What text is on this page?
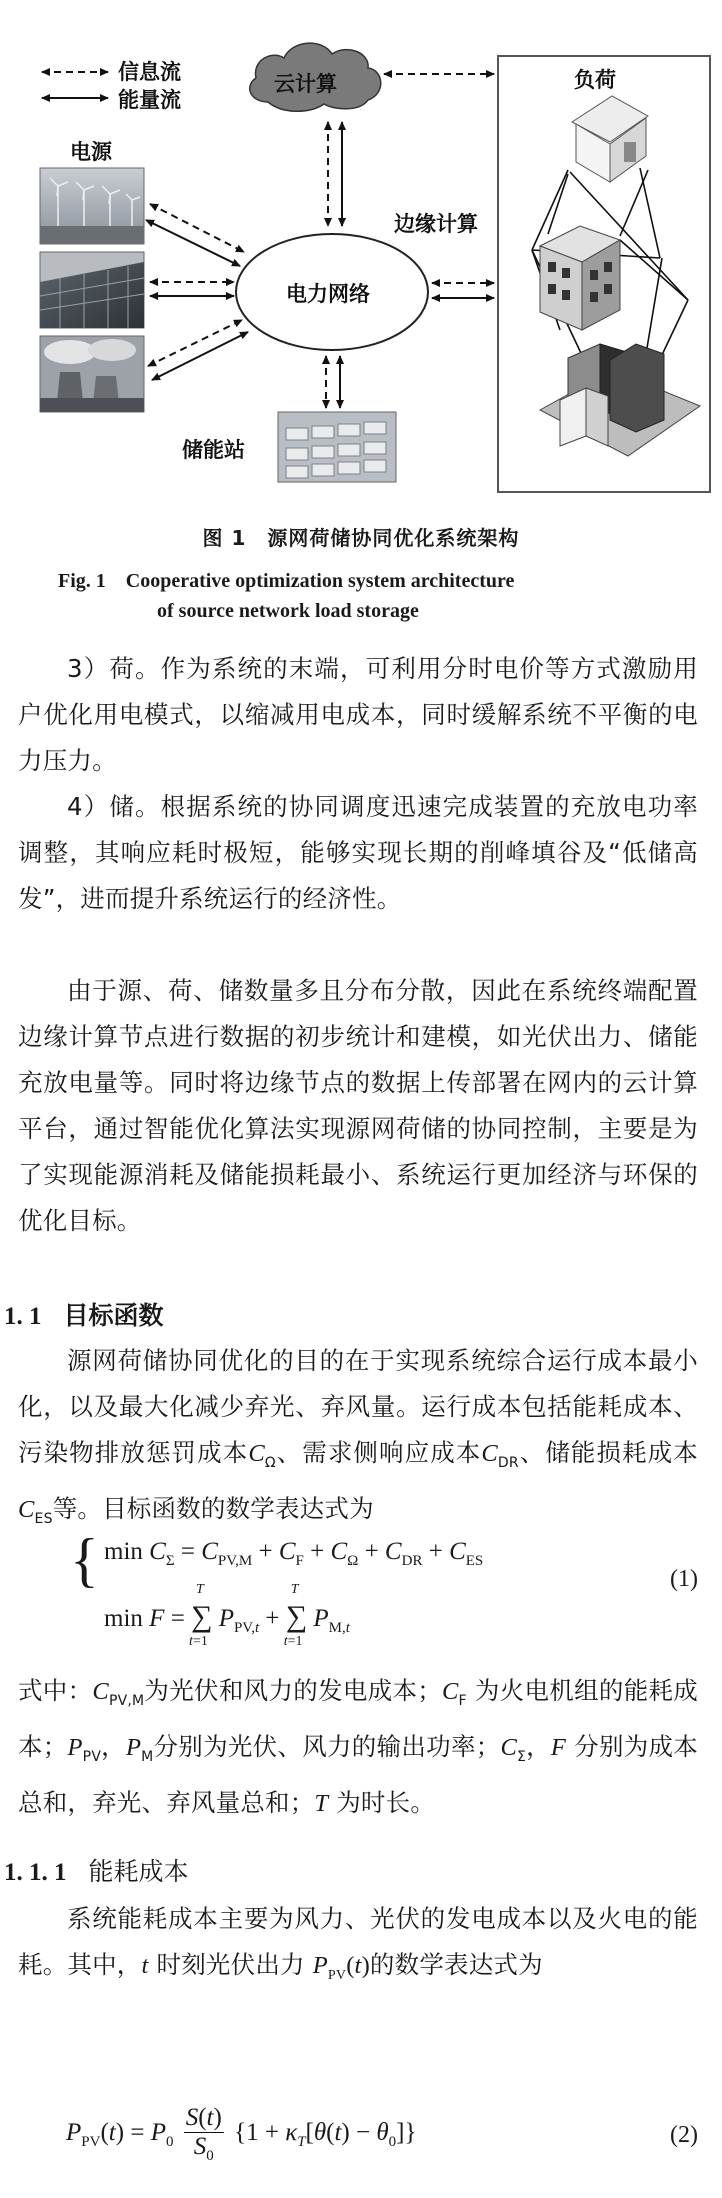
信息流
能量流
云计算
电源
电力网络
储能站
负荷
边缘计算
图 1　源网荷储协同优化系统架构
Fig. 1　Cooperative optimization system architecture
of source network load storage
3）荷。作为系统的末端，可利用分时电价等方式激励用户优化用电模式，以缩减用电成本，同时缓解系统不平衡的电力压力。
4）储。根据系统的协同调度迅速完成装置的充放电功率调整，其响应耗时极短，能够实现长期的削峰填谷及“低储高发”，进而提升系统运行的经济性。
由于源、荷、储数量多且分布分散，因此在系统终端配置边缘计算节点进行数据的初步统计和建模，如光伏出力、储能充放电量等。同时将边缘节点的数据上传部署在网内的云计算平台，通过智能优化算法实现源网荷储的协同控制，主要是为了实现能源消耗及储能损耗最小、系统运行更加经济与环保的优化目标。
1. 1 目标函数
源网荷储协同优化的目的在于实现系统综合运行成本最小化，以及最大化减少弃光、弃风量。运行成本包括能耗成本、污染物排放惩罚成本$C_\Omega$、需求侧响应成本$C_{DR}$、储能损耗成本$C_{ES}$等。目标函数的数学表达式为
{ $\min C_\Sigma = C_{PV,M} + C_F + C_\Omega + C_{DR} + C_{ES}$
min F = ∑
T
t=1
$P_{PV,t}$ + ∑
T
t=1
$P_{M,t}$
(1)
式中：$C_{PV,M}$为光伏和风力的发电成本；$C_F$ 为火电机组的能耗成本；$P_{PV}$，$P_M$分别为光伏、风力的输出功率；$C_\Sigma$，F 分别为成本总和，弃光、弃风量总和；T 为时长。
1. 1. 1 能耗成本
系统能耗成本主要为风力、光伏的发电成本以及火电的能耗。其中，t 时刻光伏出力 $P_{PV}(t)$的数学表达式为
$P_{PV}(t) = P_0 \frac{S(t)}{S_0} \{1 + \kappa_T[\theta(t) - \theta_0]\}$	(2)
